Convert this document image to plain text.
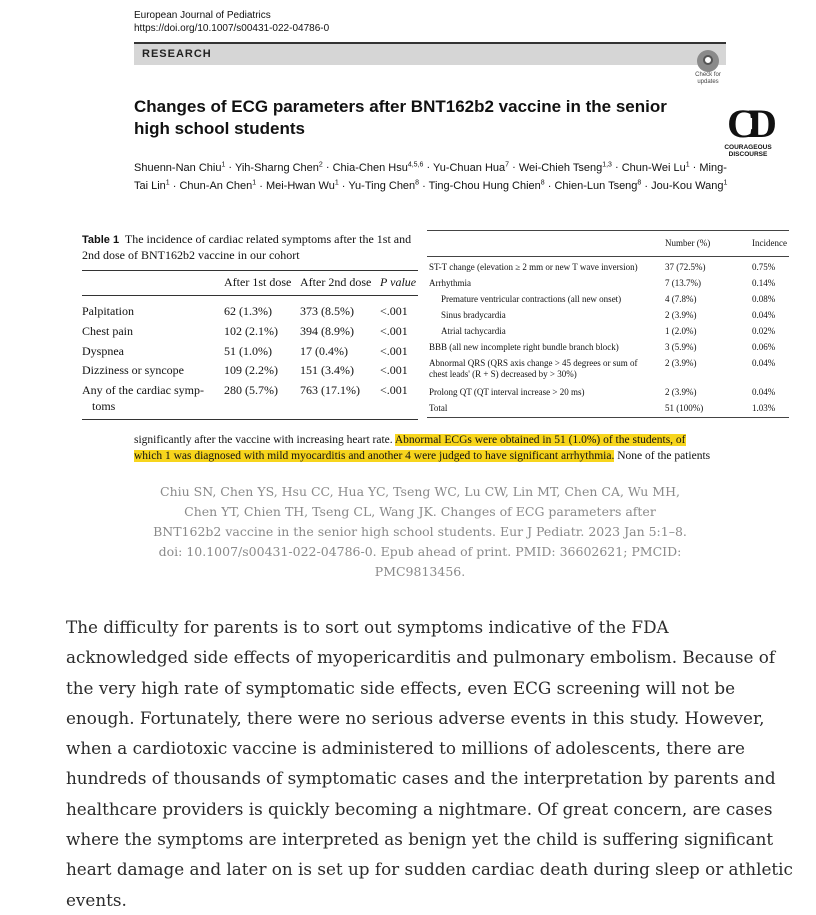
European Journal of Pediatrics
https://doi.org/10.1007/s00431-022-04786-0
RESEARCH
Check for
updates
Changes of ECG parameters after BNT162b2 vaccine in the senior high school students	CD
COURAGEOUS
DISCOURSE
Shuenn-Nan Chiu$^1$ · Yih-Sharng Chen$^2$ · Chia-Chen Hsu$^{4,5,6}$ · Yu-Chuan Hua$^7$ · Wei-Chieh Tseng$^{1,3}$ · Chun-Wei $Lu^1$ · Ming-Tai Lin$^1$ · Chun-An Chen$^1$ · Mei-Hwan $Wu^1$ · Yu-Ting Chen$^8$ · Ting-Chou Hung Chien$^8$ · Chien-Lun Tseng$^8$ · Jou-Kou Wang$^1$
Table 1 The incidence of cardiac related symptoms after the 1st and 2nd dose of BNT162b2 vaccine in our cohort
After 1st dose After 2nd dose P value
Palpitation	62 (1.3%) 373 (8.5%) <.001
Chest pain	102 (2.1%) 394 (8.9%) <.001
Dyspnea	51 (1.0%) 17 (0.4%)	<.001
Dizziness or syncope	109 (2.2%) 151 (3.4%) <.001
Any of the cardiac symp-
toms
280 (5.7%) 763 (17.1%) <.001
Number (%)	Incidence
ST-T change (elevation ≥ 2 mm or new T wave inversion)	37 (72.5%)	0.75%
Arrhythmia	7 (13.7%)	0.14%
Premature ventricular contractions (all new onset)	4 (7.8%)	0.08%
Sinus bradycardia	2 (3.9%)	0.04%
Atrial tachycardia	1 (2.0%)	0.02%
BBB (all new incomplete right bundle branch block)	3 (5.9%)	0.06%
Abnormal QRS (QRS axis change > 45 degrees or sum of chest leads' (R + S) decreased by > 30%)
2 (3.9%)	0.04%
Prolong QT (QT interval increase > 20 ms)	2 (3.9%)	0.04%
Total	51 (100%)	1.03%
significantly after the vaccine with increasing heart rate. Abnormal ECGs were obtained in 51 (1.0%) of the students, of
which 1 was diagnosed with mild myocarditis and another 4 were judged to have significant arrhythmia. None of the patients
Chiu SN, Chen YS, Hsu CC, Hua YC, Tseng WC, Lu CW, Lin MT, Chen CA, Wu MH, Chen YT, Chien TH, Tseng CL, Wang JK. Changes of ECG parameters after BNT162b2 vaccine in the senior high school students. Eur J Pediatr. 2023 Jan 5:1–8. doi: 10.1007/s00431-022-04786-0. Epub ahead of print. PMID: 36602621; PMCID: PMC9813456.
The difficulty for parents is to sort out symptoms indicative of the FDA acknowledged side effects of myopericarditis and pulmonary embolism. Because of the very high rate of symptomatic side effects, even ECG screening will not be enough. Fortunately, there were no serious adverse events in this study. However, when a cardiotoxic vaccine is administered to millions of adolescents, there are hundreds of thousands of symptomatic cases and the interpretation by parents and healthcare providers is quickly becoming a nightmare. Of great concern, are cases where the symptoms are interpreted as benign yet the child is suffering significant heart damage and later on is set up for sudden cardiac death during sleep or athletic events.
